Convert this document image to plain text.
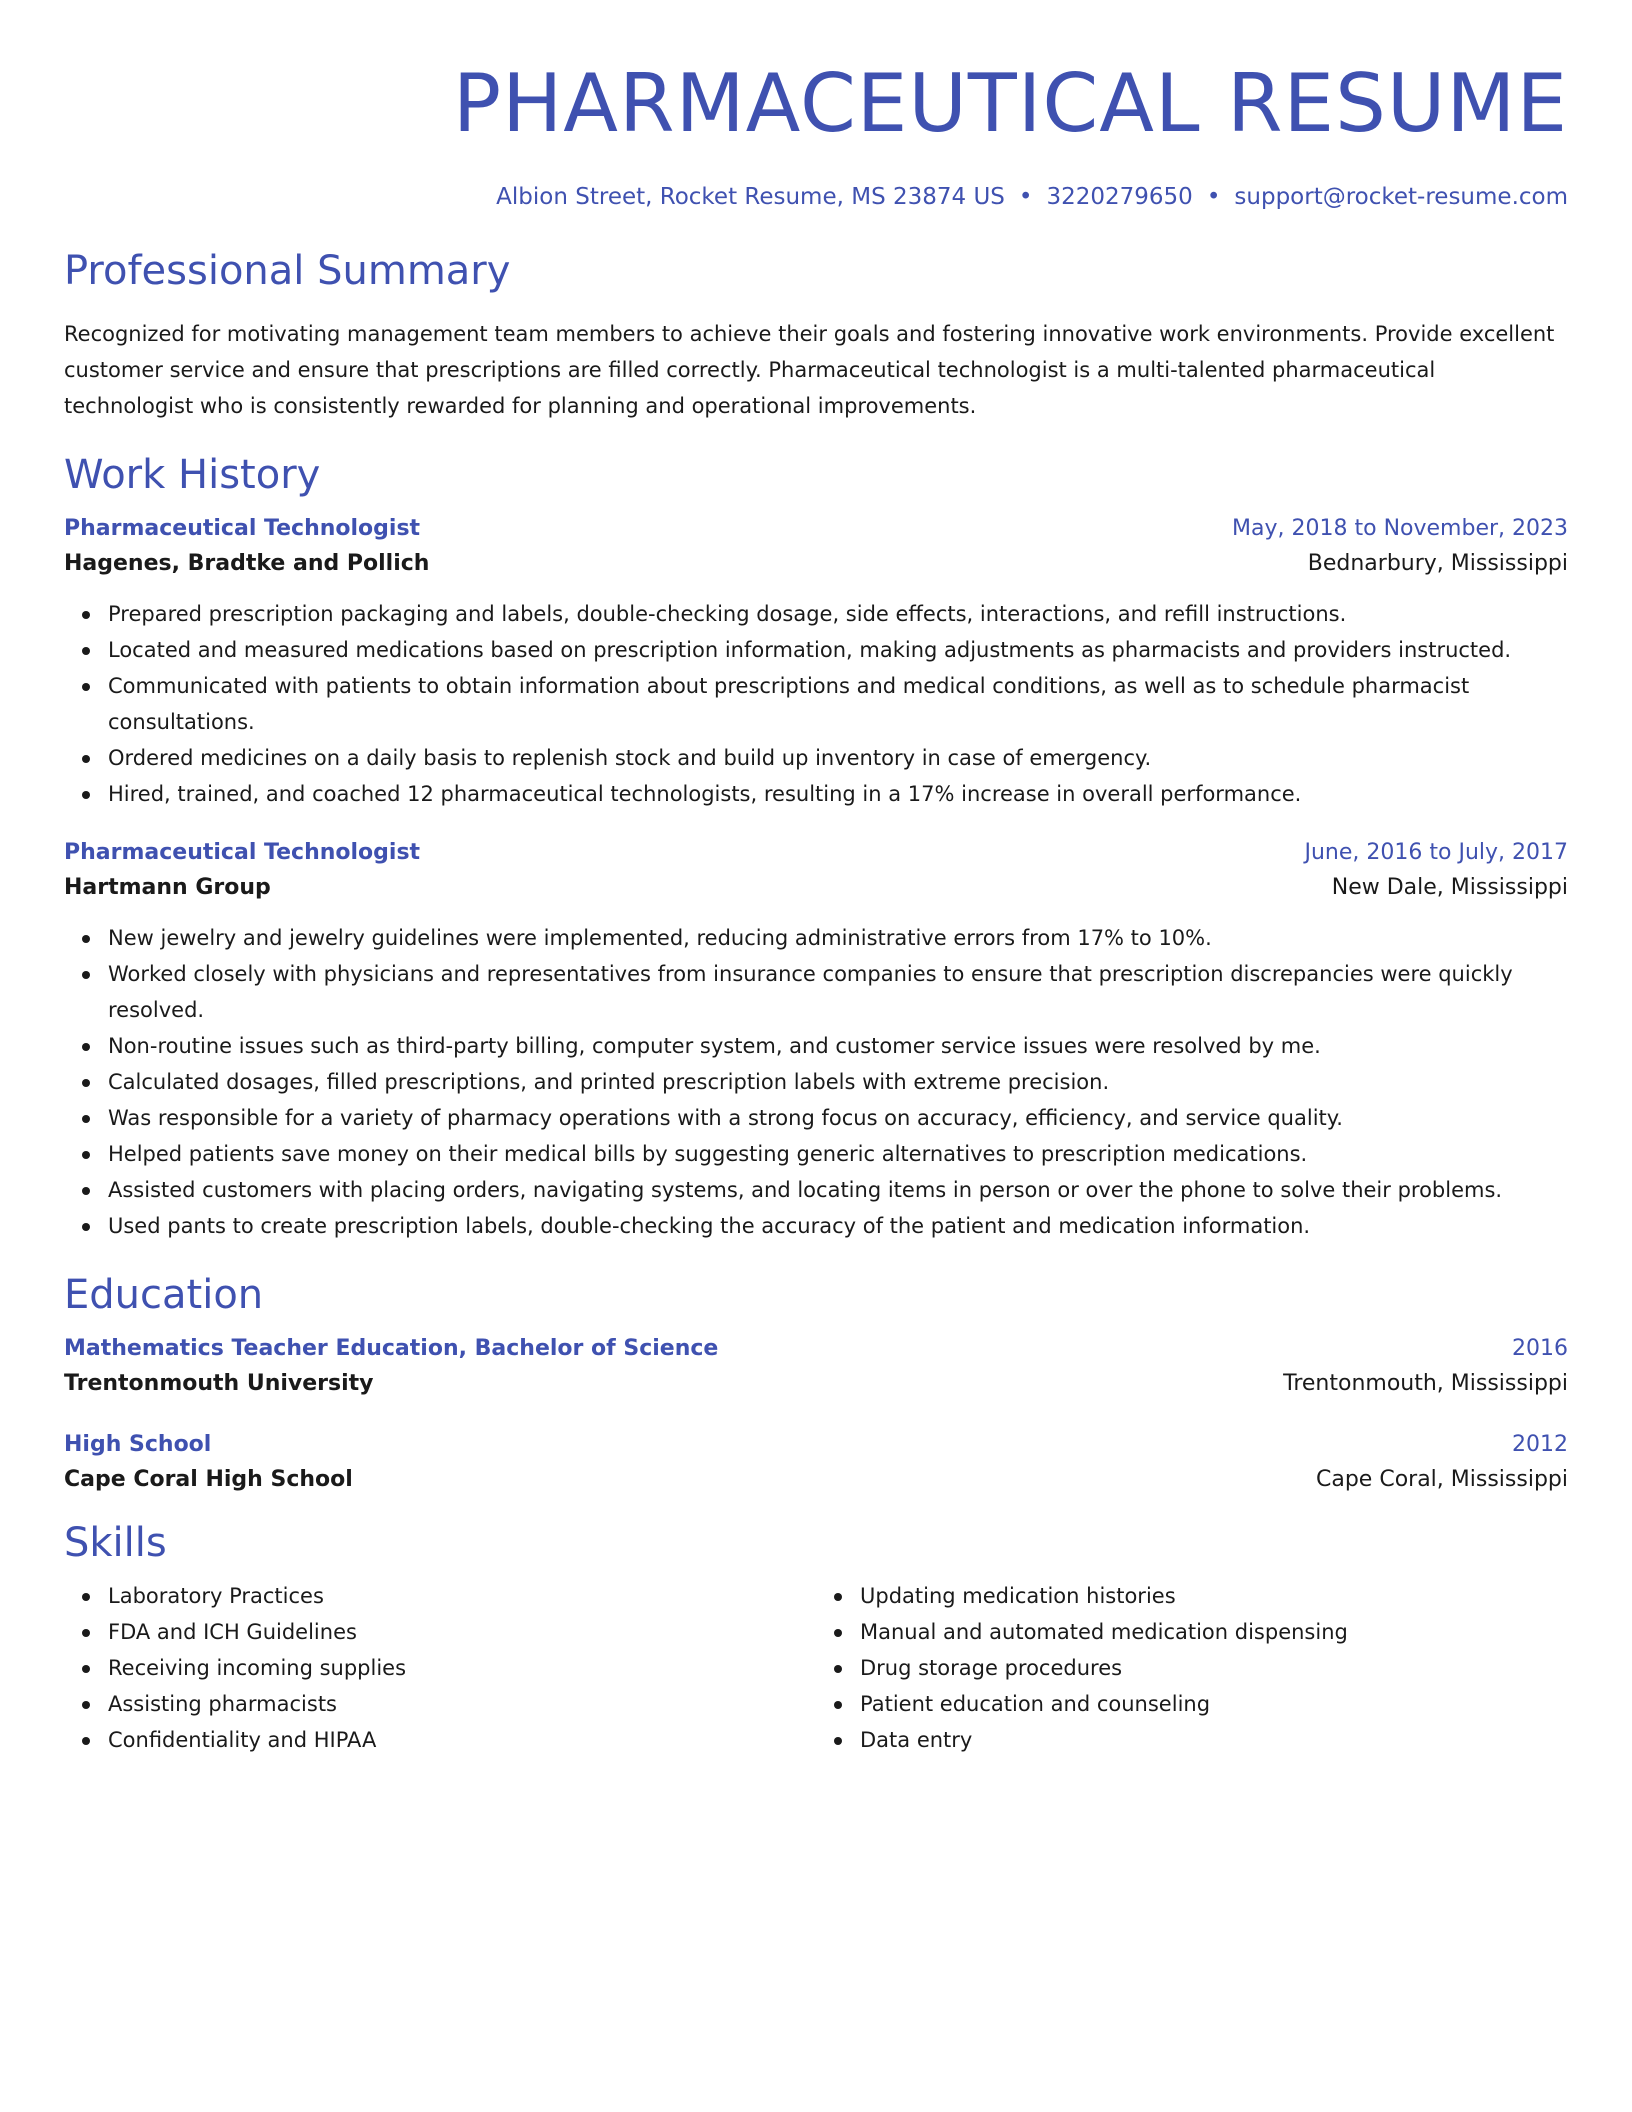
PHARMACEUTICAL RESUME
Albion Street, Rocket Resume, MS 23874 US • 3220279650 • support@rocket-resume.com
Professional Summary

Recognized for motivating management team members to achieve their goals and fostering innovative work environments. Provide excellent customer service and ensure that prescriptions are filled correctly. Pharmaceutical technologist is a multi-talented pharmaceutical technologist who is consistently rewarded for planning and operational improvements.

Work History
Pharmaceutical Technologist	May, 2018 to November, 2023
Hagenes, Bradtke and Pollich	Bednarbury, Mississippi
Prepared prescription packaging and labels, double-checking dosage, side effects, interactions, and refill instructions.
Located and measured medications based on prescription information, making adjustments as pharmacists and providers instructed.
Communicated with patients to obtain information about prescriptions and medical conditions, as well as to schedule pharmacist consultations.
Ordered medicines on a daily basis to replenish stock and build up inventory in case of emergency.
Hired, trained, and coached 12 pharmaceutical technologists, resulting in a 17% increase in overall performance.
Pharmaceutical Technologist	June, 2016 to July, 2017
Hartmann Group	New Dale, Mississippi
New jewelry and jewelry guidelines were implemented, reducing administrative errors from 17% to 10%.
Worked closely with physicians and representatives from insurance companies to ensure that prescription discrepancies were quickly resolved.
Non-routine issues such as third-party billing, computer system, and customer service issues were resolved by me.
Calculated dosages, filled prescriptions, and printed prescription labels with extreme precision.
Was responsible for a variety of pharmacy operations with a strong focus on accuracy, efficiency, and service quality.
Helped patients save money on their medical bills by suggesting generic alternatives to prescription medications.
Assisted customers with placing orders, navigating systems, and locating items in person or over the phone to solve their problems.
Used pants to create prescription labels, double-checking the accuracy of the patient and medication information.
Education
Mathematics Teacher Education, Bachelor of Science	2016
Trentonmouth University	Trentonmouth, Mississippi
High School	2012
Cape Coral High School	Cape Coral, Mississippi
Skills
Laboratory Practices
FDA and ICH Guidelines
Receiving incoming supplies
Assisting pharmacists
Confidentiality and HIPAA
Updating medication histories
Manual and automated medication dispensing
Drug storage procedures
Patient education and counseling
Data entry
